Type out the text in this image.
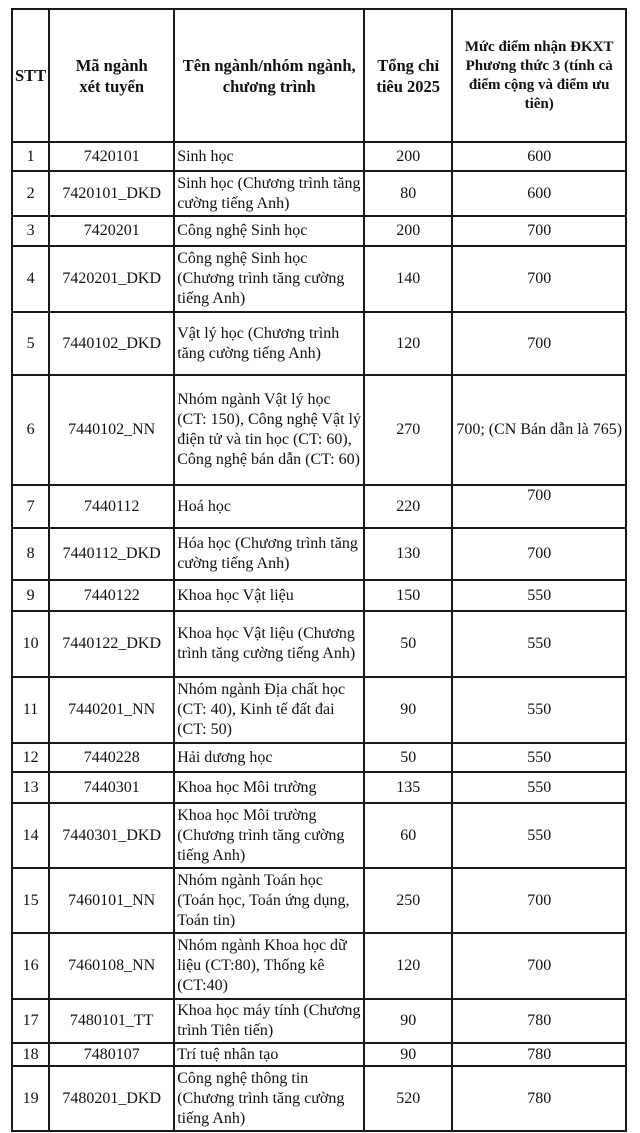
STT	Mã ngành xét tuyển	Tên ngành/nhóm ngành, chương trình	Tổng chỉ tiêu 2025	Mức điểm nhận ĐKXT Phương thức 3 (tính cả điểm cộng và điểm ưu tiên)
1	7420101	Sinh học	200	600
2	7420101_DKD	Sinh học (Chương trình tăng cường tiếng Anh)	80	600
3	7420201	Công nghệ Sinh học	200	700
4	7420201_DKD	Công nghệ Sinh học (Chương trình tăng cường tiếng Anh)	140	700
5	7440102_DKD	Vật lý học (Chương trình tăng cường tiếng Anh)	120	700
6	7440102_NN	Nhóm ngành Vật lý học (CT: 150), Công nghệ Vật lý điện tử và tin học (CT: 60), Công nghệ bán dẫn (CT: 60)	270	700; (CN Bán dẫn là 765)
7	7440112	Hoá học	220	700
8	7440112_DKD	Hóa học (Chương trình tăng cường tiếng Anh)	130	700
9	7440122	Khoa học Vật liệu	150	550
10	7440122_DKD	Khoa học Vật liệu (Chương trình tăng cường tiếng Anh)	50	550
11	7440201_NN	Nhóm ngành Địa chất học (CT: 40), Kinh tế đất đai (CT: 50)	90	550
12	7440228	Hải dương học	50	550
13	7440301	Khoa học Môi trường	135	550
14	7440301_DKD	Khoa học Môi trường (Chương trình tăng cường tiếng Anh)	60	550
15	7460101_NN	Nhóm ngành Toán học (Toán học, Toán ứng dụng, Toán tin)	250	700
16	7460108_NN	Nhóm ngành Khoa học dữ liệu (CT:80), Thống kê (CT:40)	120	700
17	7480101_TT	Khoa học máy tính (Chương trình Tiên tiến)	90	780
18	7480107	Trí tuệ nhân tạo	90	780
19	7480201_DKD	Công nghệ thông tin (Chương trình tăng cường tiếng Anh)	520	780
